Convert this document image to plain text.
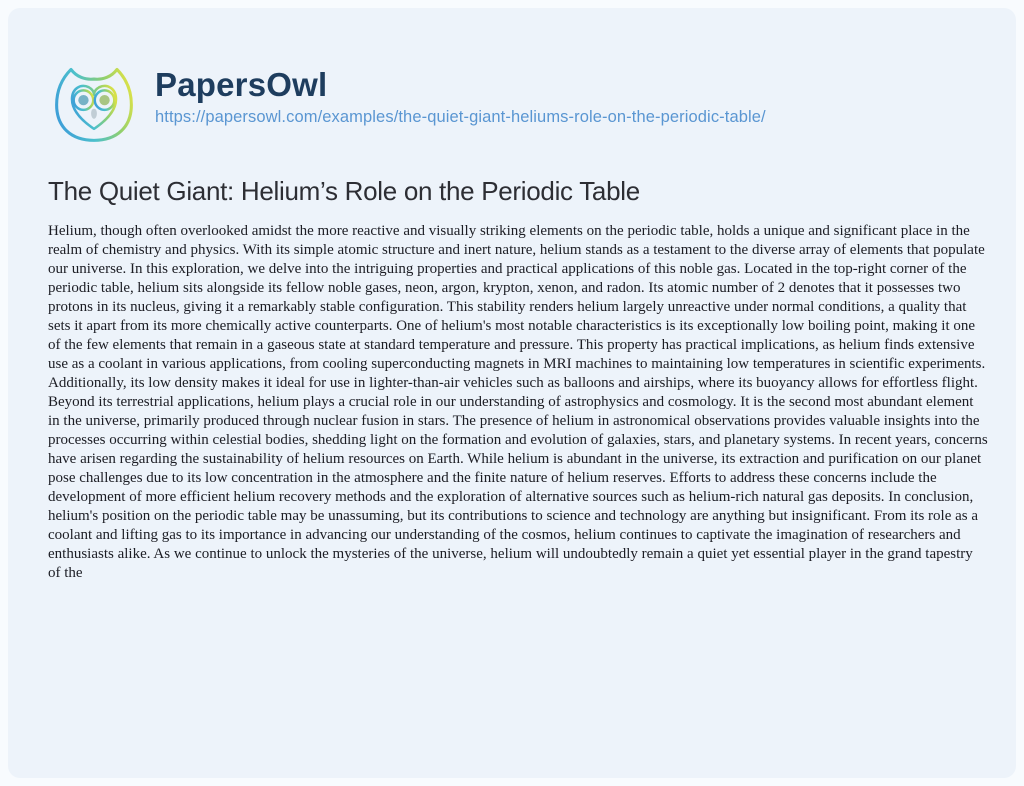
PapersOwl
https://papersowl.com/examples/the-quiet-giant-heliums-role-on-the-periodic-table/
The Quiet Giant: Helium’s Role on the Periodic Table

Helium, though often overlooked amidst the more reactive and visually striking elements on the periodic table, holds a unique and significant place in the realm of chemistry and physics. With its simple atomic structure and inert nature, helium stands as a testament to the diverse array of elements that populate our universe. In this exploration, we delve into the intriguing properties and practical applications of this noble gas. Located in the top-right corner of the periodic table, helium sits alongside its fellow noble gases, neon, argon, krypton, xenon, and radon. Its atomic number of 2 denotes that it possesses two protons in its nucleus, giving it a remarkably stable configuration. This stability renders helium largely unreactive under normal conditions, a quality that sets it apart from its more chemically active counterparts. One of helium's most notable characteristics is its exceptionally low boiling point, making it one of the few elements that remain in a gaseous state at standard temperature and pressure. This property has practical implications, as helium finds extensive use as a coolant in various applications, from cooling superconducting magnets in MRI machines to maintaining low temperatures in scientific experiments. Additionally, its low density makes it ideal for use in lighter-than-air vehicles such as balloons and airships, where its buoyancy allows for effortless flight. Beyond its terrestrial applications, helium plays a crucial role in our understanding of astrophysics and cosmology. It is the second most abundant element in the universe, primarily produced through nuclear fusion in stars. The presence of helium in astronomical observations provides valuable insights into the processes occurring within celestial bodies, shedding light on the formation and evolution of galaxies, stars, and planetary systems. In recent years, concerns have arisen regarding the sustainability of helium resources on Earth. While helium is abundant in the universe, its extraction and purification on our planet pose challenges due to its low concentration in the atmosphere and the finite nature of helium reserves. Efforts to address these concerns include the development of more efficient helium recovery methods and the exploration of alternative sources such as helium-rich natural gas deposits. In conclusion, helium's position on the periodic table may be unassuming, but its contributions to science and technology are anything but insignificant. From its role as a coolant and lifting gas to its importance in advancing our understanding of the cosmos, helium continues to captivate the imagination of researchers and enthusiasts alike. As we continue to unlock the mysteries of the universe, helium will undoubtedly remain a quiet yet essential player in the grand tapestry of the
